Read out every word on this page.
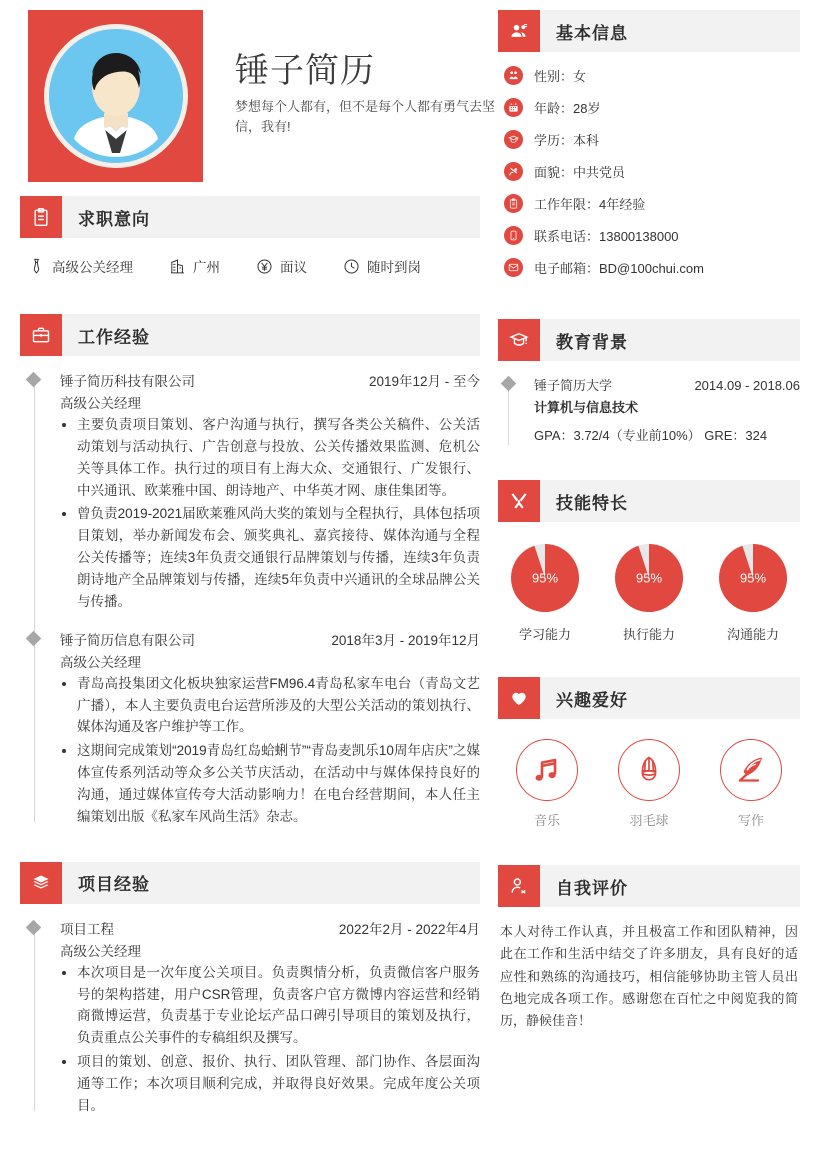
锤子简历
梦想每个人都有，但不是每个人都有勇气去坚信，我有!
求职意向
高级公关经理	广州	面议	随时到岗
工作经验
锤子简历科技有限公司	2019年12月 - 至今
高级公关经理
• 主要负责项目策划、客户沟通与执行，撰写各类公关稿件、公关活动策划与活动执行、广告创意与投放、公关传播效果监测、危机公关等具体工作。执行过的项目有上海大众、交通银行、广发银行、中兴通讯、欧莱雅中国、朗诗地产、中华英才网、康佳集团等。
• 曾负责2019-2021届欧莱雅风尚大奖的策划与全程执行，具体包括项目策划，举办新闻发布会、颁奖典礼、嘉宾接待、媒体沟通与全程公关传播等；连续3年负责交通银行品牌策划与传播，连续3年负责朗诗地产全品牌策划与传播，连续5年负责中兴通讯的全球品牌公关与传播。
锤子简历信息有限公司	2018年3月 - 2019年12月
高级公关经理
• 青岛高投集团文化板块独家运营FM96.4青岛私家车电台（青岛文艺广播），本人主要负责电台运营所涉及的大型公关活动的策划执行、媒体沟通及客户维护等工作。
• 这期间完成策划“2019青岛红岛蛤蜊节”“青岛麦凯乐10周年店庆”之媒体宣传系列活动等众多公关节庆活动，在活动中与媒体保持良好的沟通，通过媒体宣传夸大活动影响力！在电台经营期间，本人任主编策划出版《私家车风尚生活》杂志。
项目经验
项目工程	2022年2月 - 2022年4月
高级公关经理
• 本次项目是一次年度公关项目。负责舆情分析，负责微信客户服务号的架构搭建，用户CSR管理，负责客户官方微博内容运营和经销商微博运营，负责基于专业论坛产品口碑引导项目的策划及执行，负责重点公关事件的专稿组织及撰写。
• 项目的策划、创意、报价、执行、团队管理、部门协作、各层面沟通等工作；本次项目顺利完成，并取得良好效果。完成年度公关项目。
基本信息
性别：女
年龄：28岁
学历：本科
面貌：中共党员
工作年限：4年经验
联系电话：13800138000
电子邮箱：BD@100chui.com
教育背景
锤子简历大学	2014.09 - 2018.06
计算机与信息技术
GPA：3.72/4（专业前10%） GRE：324
技能特长
95%
学习能力
95%
执行能力
95%
沟通能力
兴趣爱好
音乐	羽毛球	写作
自我评价
本人对待工作认真，并且极富工作和团队精神，因此在工作和生活中结交了许多朋友，具有良好的适应性和熟练的沟通技巧，相信能够协助主管人员出色地完成各项工作。感谢您在百忙之中阅览我的简历，静候佳音！
